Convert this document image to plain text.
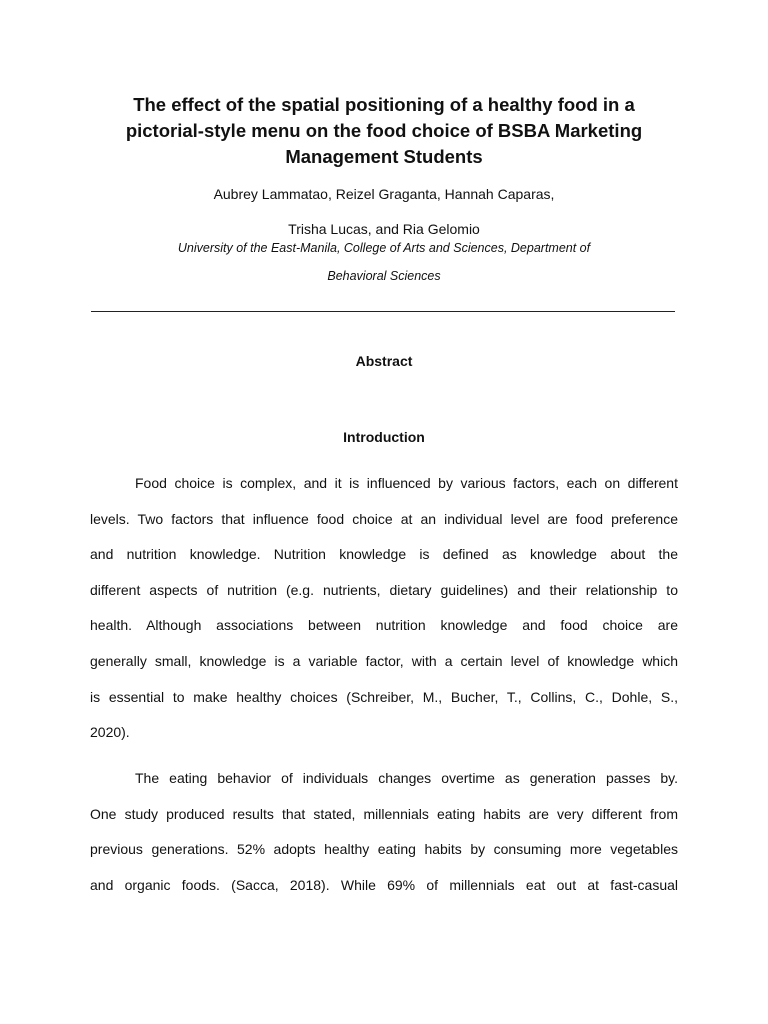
The effect of the spatial positioning of a healthy food in a
pictorial-style menu on the food choice of BSBA Marketing
Management Students

Aubrey Lammatao, Reizel Graganta, Hannah Caparas,
Trisha Lucas, and Ria Gelomio

University of the East-Manila, College of Arts and Sciences, Department of
Behavioral Sciences

Abstract
Introduction
Food choice is complex, and it is influenced by various factors, each on different
levels. Two factors that influence food choice at an individual level are food preference
and nutrition knowledge. Nutrition knowledge is defined as knowledge about the
different aspects of nutrition (e.g. nutrients, dietary guidelines) and their relationship to
health. Although associations between nutrition knowledge and food choice are
generally small, knowledge is a variable factor, with a certain level of knowledge which
is essential to make healthy choices (Schreiber, M., Bucher, T., Collins, C., Dohle, S.,
2020).
The eating behavior of individuals changes overtime as generation passes by.
One study produced results that stated, millennials eating habits are very different from
previous generations. 52% adopts healthy eating habits by consuming more vegetables
and organic foods. (Sacca, 2018). While 69% of millennials eat out at fast-casual
